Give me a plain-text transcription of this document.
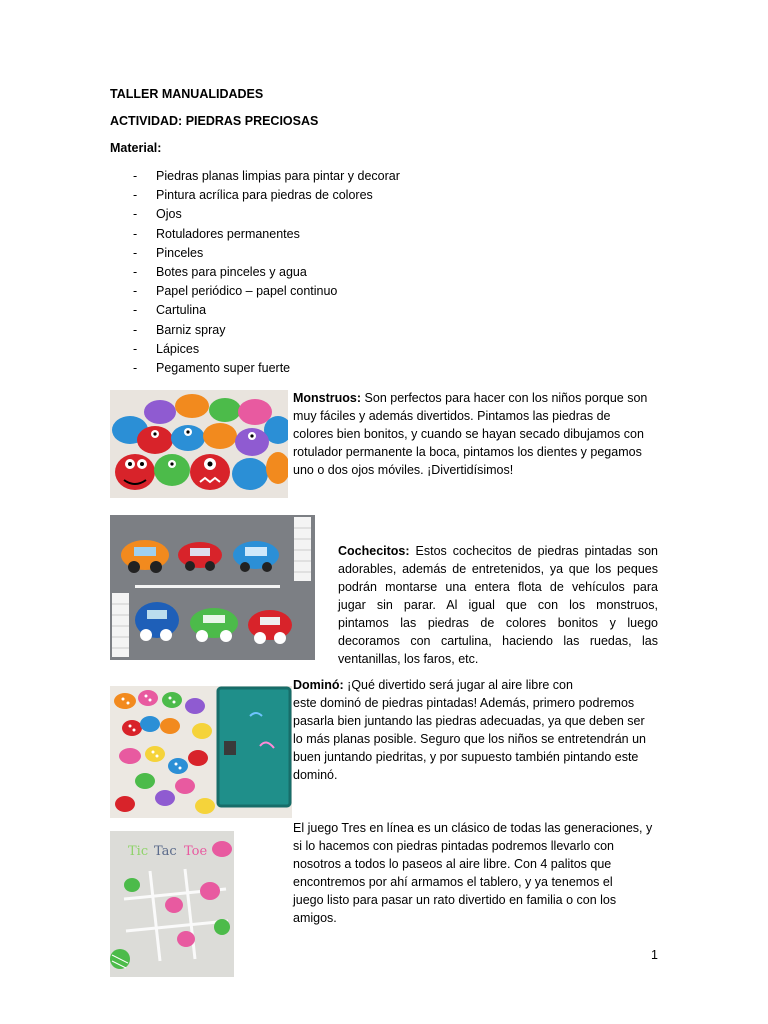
TALLER MANUALIDADES
ACTIVIDAD: PIEDRAS PRECIOSAS
Material:
- Piedras planas limpias para pintar y decorar
- Pintura acrílica para piedras de colores
- Ojos
- Rotuladores permanentes
- Pinceles
- Botes para pinceles y agua
- Papel periódico – papel continuo
- Cartulina
- Barniz spray
- Lápices
- Pegamento super fuerte
Monstruos: Son perfectos para hacer con los niños porque son
muy fáciles y además divertidos. Pintamos las piedras de
colores bien bonitos, y cuando se hayan secado dibujamos con
rotulador permanente la boca, pintamos los dientes y pegamos
uno o dos ojos móviles. ¡Divertidísimos!
Cochecitos: Estos cochecitos de piedras pintadas son
adorables, además de entretenidos, ya que los peques
podrán montarse una entera flota de vehículos para
jugar sin parar. Al igual que con los monstruos,
pintamos las piedras de colores bonitos y luego
decoramos con cartulina, haciendo las ruedas, las
ventanillas, los faros, etc.
Dominó: ¡Qué divertido será jugar al aire libre con
este dominó de piedras pintadas! Además, primero podremos
pasarla bien juntando las piedras adecuadas, ya que deben ser
lo más planas posible. Seguro que los niños se entretendrán un
buen juntando piedritas, y por supuesto también pintando este
dominó.
Tic Tac Toe
El juego Tres en línea es un clásico de todas las generaciones, y
si lo hacemos con piedras pintadas podremos llevarlo con
nosotros a todos lo paseos al aire libre. Con 4 palitos que
encontremos por ahí armamos el tablero, y ya tenemos el
juego listo para pasar un rato divertido en familia o con los
amigos.
1
